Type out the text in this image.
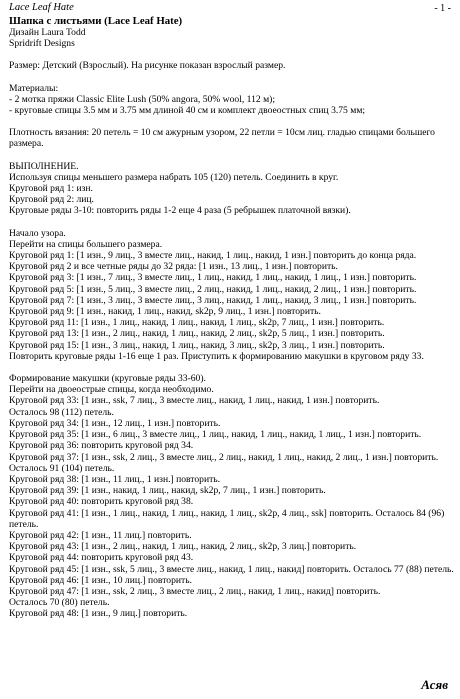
Lace Leaf Hate	- 1 -
Шапка с листьями (Lace Leaf Hate)
Дизайн Laura Todd
Spridrift Designs
Размер: Детский (Взрослый). На рисунке показан взрослый размер.
Материалы:
- 2 мотка пряжи Classic Elite Lush (50% angora, 50% wool, 112 м);
- круговые спицы 3.5 мм и 3.75 мм длиной 40 см и комплект двоеостных спиц 3.75 мм;
Плотность вязания: 20 петель = 10 см ажурным узором, 22 петли = 10см лиц. гладью спицами большего размера.
ВЫПОЛНЕНИЕ.
Используя спицы меньшего размера набрать 105 (120) петель. Соединить в круг.
Круговой ряд 1: изн.
Круговой ряд 2: лиц.
Круговые ряды 3-10: повторить ряды 1-2 еще 4 раза (5 ребрышек платочной вязки).
Начало узора.
Перейти на спицы большего размера.
Круговой ряд 1: [1 изн., 9 лиц., 3 вместе лиц., накид, 1 лиц., накид, 1 изн.] повторить до конца ряда.
Круговой ряд 2 и все четные ряды до 32 ряда: [1 изн., 13 лиц., 1 изн.] повторить.
Круговой ряд 3: [1 изн., 7 лиц., 3 вместе лиц., 1 лиц., накид, 1 лиц., накид, 1 лиц., 1 изн.] повторить.
Круговой ряд 5: [1 изн., 5 лиц., 3 вместе лиц., 2 лиц., накид, 1 лиц., накид, 2 лиц., 1 изн.] повторить.
Круговой ряд 7: [1 изн., 3 лиц., 3 вместе лиц., 3 лиц., накид, 1 лиц., накид, 3 лиц., 1 изн.] повторить.
Круговой ряд 9: [1 изн., накид, 1 лиц., накид, sk2p, 9 лиц., 1 изн.] повторить.
Круговой ряд 11: [1 изн., 1 лиц., накид, 1 лиц., накид, 1 лиц., sk2p, 7 лиц., 1 изн.] повторить.
Круговой ряд 13: [1 изн., 2 лиц., накид, 1 лиц., накид, 2 лиц., sk2p, 5 лиц., 1 изн.] повторить.
Круговой ряд 15: [1 изн., 3 лиц., накид, 1 лиц., накид, 3 лиц., sk2p, 3 лиц., 1 изн.] повторить.
Повторить круговые ряды 1-16 еще 1 раз. Приступить к формированию макушки в круговом ряду 33.
Формирование макушки (круговые ряды 33-60).
Перейти на двоеострые спицы, когда необходимо.
Круговой ряд 33: [1 изн., ssk, 7 лиц., 3 вместе лиц., накид, 1 лиц., накид, 1 изн.] повторить.
Осталось 98 (112) петель.
Круговой ряд 34: [1 изн., 12 лиц., 1 изн.] повторить.
Круговой ряд 35: [1 изн., 6 лиц., 3 вместе лиц., 1 лиц., накид, 1 лиц., накид, 1 лиц., 1 изн.] повторить.
Круговой ряд 36: повторить круговой ряд 34.
Круговой ряд 37: [1 изн., ssk, 2 лиц., 3 вместе лиц., 2 лиц., накид, 1 лиц., накид, 2 лиц., 1 изн.] повторить.
Осталось 91 (104) петель.
Круговой ряд 38: [1 изн., 11 лиц., 1 изн.] повторить.
Круговой ряд 39: [1 изн., накид, 1 лиц., накид, sk2p, 7 лиц., 1 изн.] повторить.
Круговой ряд 40: повторить круговой ряд 38.
Круговой ряд 41: [1 изн., 1 лиц., накид, 1 лиц., накид, 1 лиц., sk2p, 4 лиц., ssk] повторить. Осталось 84 (96) петель.
Круговой ряд 42: [1 изн., 11 лиц.] повторить.
Круговой ряд 43: [1 изн., 2 лиц., накид, 1 лиц., накид, 2 лиц., sk2p, 3 лиц.] повторить.
Круговой ряд 44: повторить круговой ряд 43.
Круговой ряд 45: [1 изн., ssk, 5 лиц., 3 вместе лиц., накид, 1 лиц., накид] повторить. Осталось 77 (88) петель.
Круговой ряд 46: [1 изн., 10 лиц.] повторить.
Круговой ряд 47: [1 изн., ssk, 2 лиц., 3 вместе лиц., 2 лиц., накид, 1 лиц., накид] повторить.
Осталось 70 (80) петель.
Круговой ряд 48: [1 изн., 9 лиц.] повторить.
Асяв
